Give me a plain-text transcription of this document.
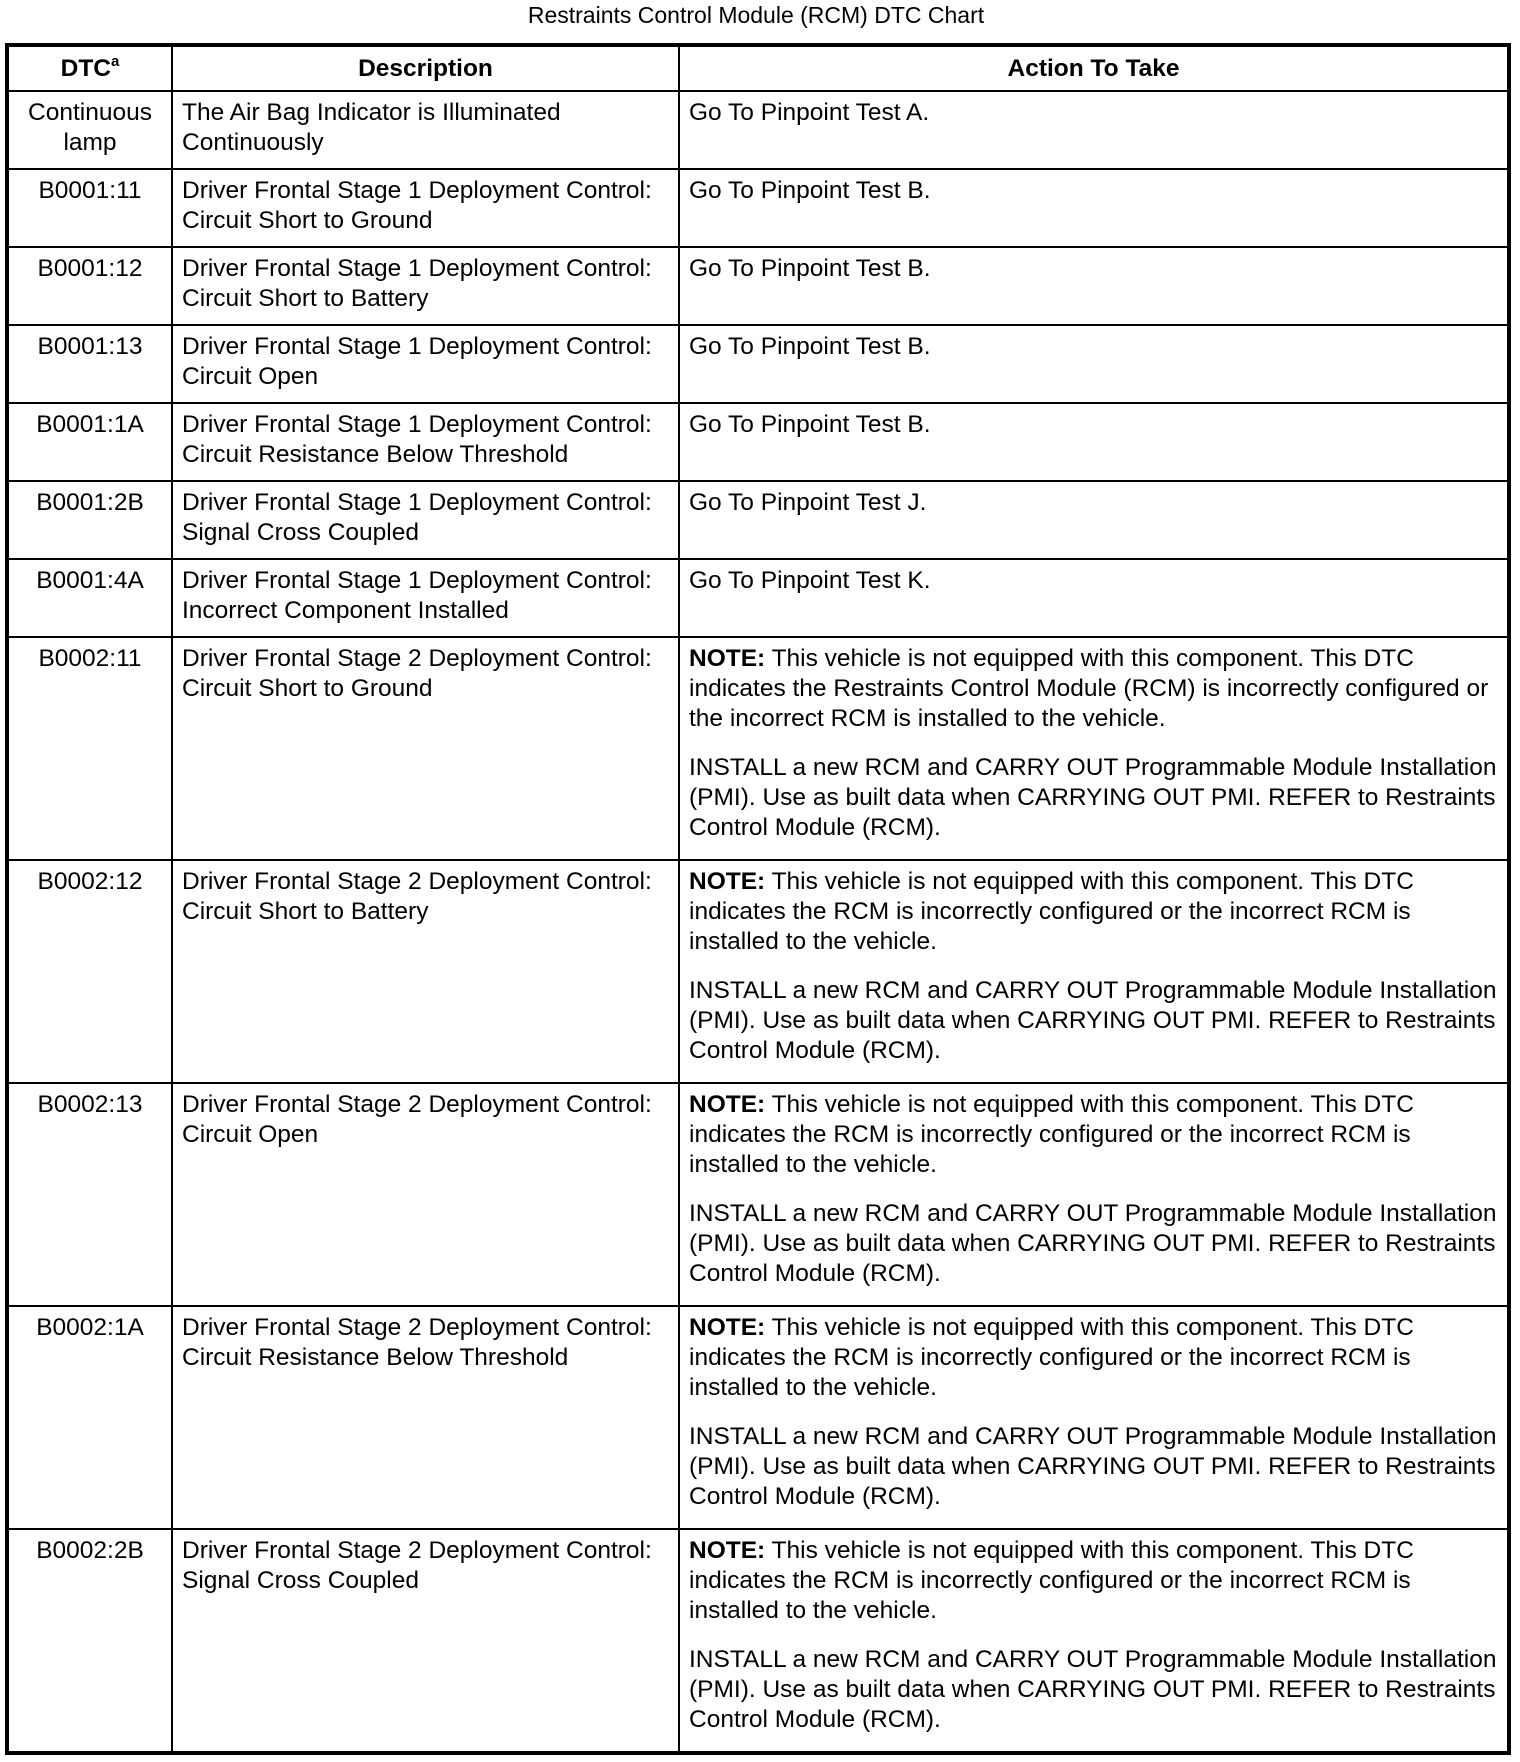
Restraints Control Module (RCM) DTC Chart
DTC$^a$	Description	Action To Take
Continuous lamp	The Air Bag Indicator is Illuminated Continuously	Go To Pinpoint Test A.
B0001:11	Driver Frontal Stage 1 Deployment Control: Circuit Short to Ground	Go To Pinpoint Test B.
B0001:12	Driver Frontal Stage 1 Deployment Control: Circuit Short to Battery	Go To Pinpoint Test B.
B0001:13	Driver Frontal Stage 1 Deployment Control: Circuit Open	Go To Pinpoint Test B.
B0001:1A	Driver Frontal Stage 1 Deployment Control: Circuit Resistance Below Threshold	Go To Pinpoint Test B.
B0001:2B	Driver Frontal Stage 1 Deployment Control: Signal Cross Coupled	Go To Pinpoint Test J.
B0001:4A	Driver Frontal Stage 1 Deployment Control: Incorrect Component Installed	Go To Pinpoint Test K.
B0002:11	Driver Frontal Stage 2 Deployment Control: Circuit Short to Ground	NOTE: This vehicle is not equipped with this component. This DTC indicates the Restraints Control Module (RCM) is incorrectly configured or the incorrect RCM is installed to the vehicle.

INSTALL a new RCM and CARRY OUT Programmable Module Installation (PMI). Use as built data when CARRYING OUT PMI. REFER to Restraints Control Module (RCM).

B0002:12	Driver Frontal Stage 2 Deployment Control: Circuit Short to Battery	NOTE: This vehicle is not equipped with this component. This DTC indicates the RCM is incorrectly configured or the incorrect RCM is installed to the vehicle.

INSTALL a new RCM and CARRY OUT Programmable Module Installation (PMI). Use as built data when CARRYING OUT PMI. REFER to Restraints Control Module (RCM).

B0002:13	Driver Frontal Stage 2 Deployment Control: Circuit Open	NOTE: This vehicle is not equipped with this component. This DTC indicates the RCM is incorrectly configured or the incorrect RCM is installed to the vehicle.

INSTALL a new RCM and CARRY OUT Programmable Module Installation (PMI). Use as built data when CARRYING OUT PMI. REFER to Restraints Control Module (RCM).

B0002:1A	Driver Frontal Stage 2 Deployment Control: Circuit Resistance Below Threshold	NOTE: This vehicle is not equipped with this component. This DTC indicates the RCM is incorrectly configured or the incorrect RCM is installed to the vehicle.

INSTALL a new RCM and CARRY OUT Programmable Module Installation (PMI). Use as built data when CARRYING OUT PMI. REFER to Restraints Control Module (RCM).

B0002:2B	Driver Frontal Stage 2 Deployment Control: Signal Cross Coupled	NOTE: This vehicle is not equipped with this component. This DTC indicates the RCM is incorrectly configured or the incorrect RCM is installed to the vehicle.

INSTALL a new RCM and CARRY OUT Programmable Module Installation (PMI). Use as built data when CARRYING OUT PMI. REFER to Restraints Control Module (RCM).
